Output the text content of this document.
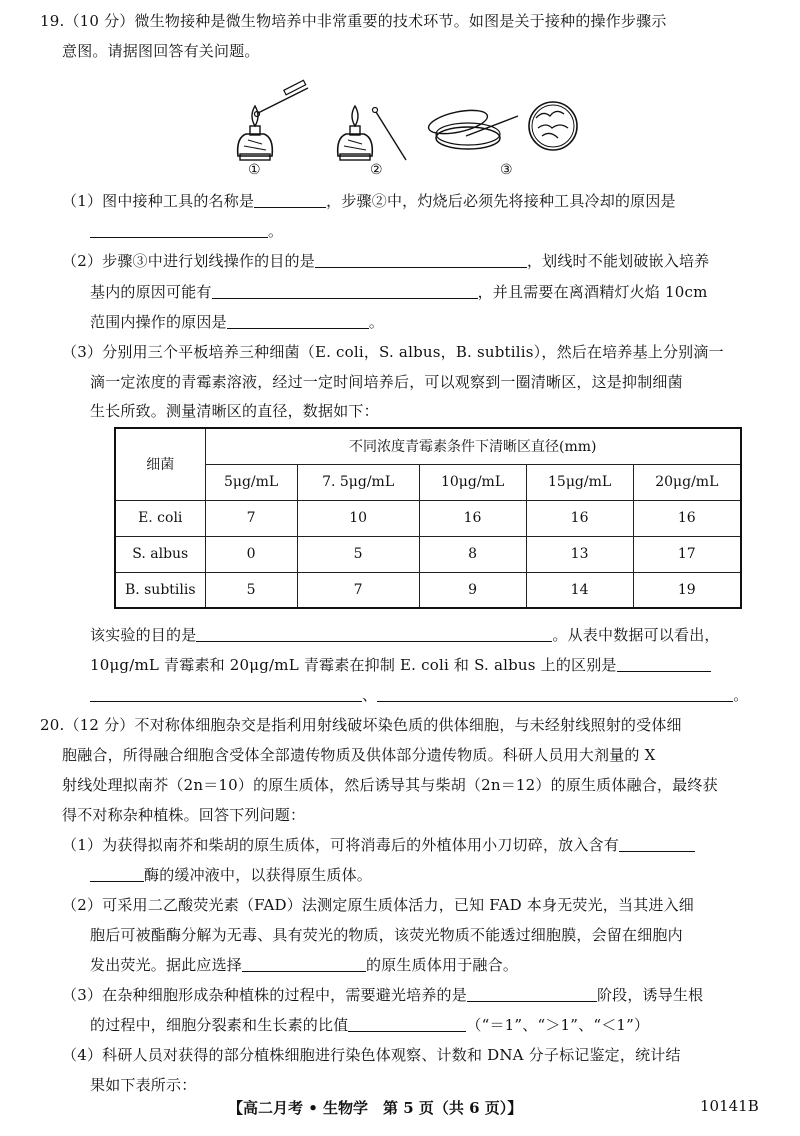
19.（10 分）微生物接种是微生物培养中非常重要的技术环节。如图是关于接种的操作步骤示
意图。请据图回答有关问题。
①	②	③
（1）图中接种工具的名称是	，步骤②中，灼烧后必须先将接种工具冷却的原因是
。
（2）步骤③中进行划线操作的目的是	，划线时不能划破嵌入培养
基内的原因可能有	，并且需要在离酒精灯火焰 10cm
范围内操作的原因是	。
（3）分别用三个平板培养三种细菌（E. coli，S. albus，B. subtilis），然后在培养基上分别滴一
滴一定浓度的青霉素溶液，经过一定时间培养后，可以观察到一圈清晰区，这是抑制细菌
生长所致。测量清晰区的直径，数据如下：
细菌	不同浓度青霉素条件下清晰区直径(mm)				
	5μg/mL	7. 5μg/mL	10μg/mL	15μg/mL	20μg/mL
E. coli	7	10	16	16	16
S. albus	0	5	8	13	17
B. subtilis	5	7	9	14	19
该实验的目的是	。从表中数据可以看出，
10μg/mL 青霉素和 20μg/mL 青霉素在抑制 E. coli 和 S. albus 上的区别是
、	。
20.（12 分）不对称体细胞杂交是指利用射线破坏染色质的供体细胞，与未经射线照射的受体细
胞融合，所得融合细胞含受体全部遗传物质及供体部分遗传物质。科研人员用大剂量的 X
射线处理拟南芥（2n＝10）的原生质体，然后诱导其与柴胡（2n＝12）的原生质体融合，最终获
得不对称杂种植株。回答下列问题：
（1）为获得拟南芥和柴胡的原生质体，可将消毒后的外植体用小刀切碎，放入含有
酶的缓冲液中，以获得原生质体。
（2）可采用二乙酸荧光素（FAD）法测定原生质体活力，已知 FAD 本身无荧光，当其进入细
胞后可被酯酶分解为无毒、具有荧光的物质，该荧光物质不能透过细胞膜，会留在细胞内
发出荧光。据此应选择	的原生质体用于融合。
（3）在杂种细胞形成杂种植株的过程中，需要避光培养的是	阶段，诱导生根
的过程中，细胞分裂素和生长素的比值	（“＝1”、“＞1”、“＜1”）
（4）科研人员对获得的部分植株细胞进行染色体观察、计数和 DNA 分子标记鉴定，统计结
果如下表所示：
【高二月考 • 生物学　第 5 页（共 6 页）】	10141B
